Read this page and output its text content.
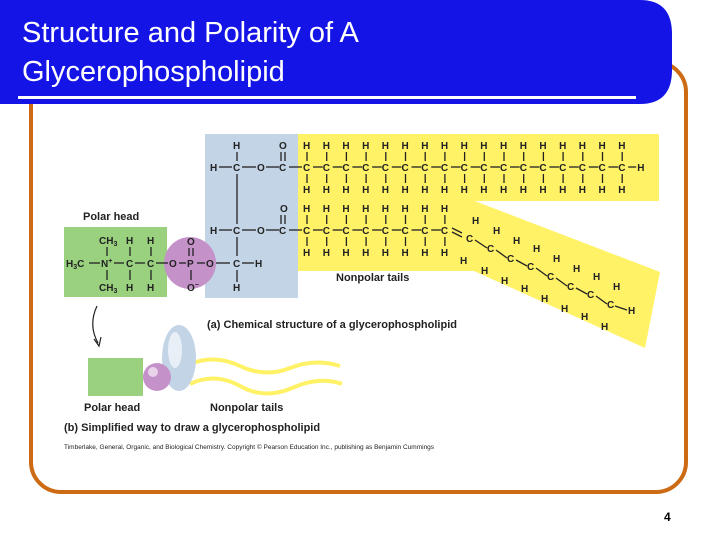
H
H C O C
O
O
H C O C
C H
H
H
C
H
H
C
H
H
C
H
H
C
H
H
C
H
H
C
H
H
C
H
H
C
H
H
C
H
H
C
H
H
C
H
H
C
H
H
C
H
H
C
H
H
C
H
H
C
H
H
C
H
H
H
C
H
H
C
H
H
C
H
H
C
H
H
C
H
H
C
H
H
C
H
H
C
H
C
H
H
C
H
H
C
H
H
C
H
H
C
H
H
C
H
H
C
H
H
C
H
H
H
$CH_3$	H
H
$H_3C$ N+ C C
$CH_3$ H H
O P O
O
O−
Polar head
Nonpolar tails
(a) Chemical structure of a glycerophospholipid
Polar head	Nonpolar tails
(b) Simplified way to draw a glycerophospholipid
Timberlake, General, Organic, and Biological Chemistry. Copyright © Pearson Education Inc., publishing as Benjamin Cummings
Structure and Polarity of A
Glycerophospholipid
4
